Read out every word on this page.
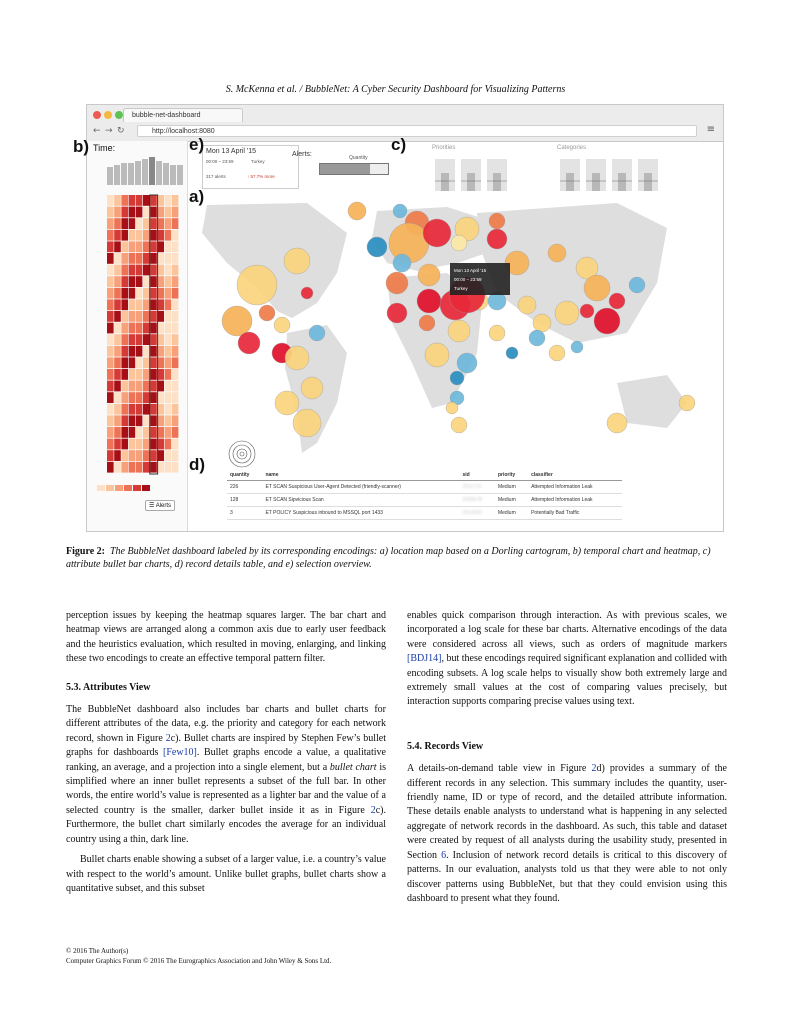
S. McKenna et al. / BubbleNet: A Cyber Security Dashboard for Visualizing Patterns
bubble-net-dashboard
← → ↻	http://localhost:8080	≡
Time:
☰ Alerts
Mon 13 April '15
00:00 – 23:59	Turkey
317 alerts	↑ 57.7% more
Alerts:	Quantity
Priorities	Categories
Mon 13 April '15
00:00 – 23:59
Turkey
quantity	name	sid	priority	classifier
226	ET SCAN Suspicious User-Agent Detected (friendly-scanner)	2011716	Medium	Attempted Information Leak
128	ET SCAN Sipvicious Scan	2008578	Medium	Attempted Information Leak
3	ET POLICY Suspicious inbound to MSSQL port 1433	2010935	Medium	Potentially Bad Traffic
b)	e)	c)
a)
d)
Figure 2: The BubbleNet dashboard labeled by its corresponding encodings: a) location map based on a Dorling cartogram, b) temporal chart and heatmap, c) attribute bullet bar charts, d) record details table, and e) selection overview.

perception issues by keeping the heatmap squares larger. The bar chart and heatmap views are arranged along a common axis due to early user feedback and the heuristics evaluation, which resulted in moving, enlarging, and linking these two encodings to create an effective temporal pattern filter.

5.3. Attributes View

The BubbleNet dashboard also includes bar charts and bullet charts for different attributes of the data, e.g. the priority and category for each network record, shown in Figure 2c). Bullet charts are inspired by Stephen Few’s bullet graphs for dashboards [Few10]. Bullet graphs encode a value, a qualitative ranking, an average, and a projection into a single element, but a bullet chart is simplified where an inner bullet represents a subset of the full bar. In other words, the entire world’s value is represented as a lighter bar and the value of a selected country is the smaller, darker bullet inside it as in Figure 2c). Furthermore, the bullet chart similarly encodes the average for an individual country using a thin, dark line.

Bullet charts enable showing a subset of a larger value, i.e. a country’s value with respect to the world’s amount. Unlike bullet graphs, bullet charts show a quantitative subset, and this subset

enables quick comparison through interaction. As with previous scales, we incorporated a log scale for these bar charts. Alternative encodings of the data were considered across all views, such as orders of magnitude markers [BDJ14], but these encodings required significant explanation and collided with encoding subsets. A log scale helps to visually show both extremely large and extremely small values at the cost of comparing values precisely, but interaction supports comparing precise values using text.

5.4. Records View

A details-on-demand table view in Figure 2d) provides a summary of the different records in any selection. This summary includes the quantity, user-friendly name, ID or type of record, and the detailed attribute information. These details enable analysts to understand what is happening in any selected aggregate of network records in the dashboard. As such, this table and dataset were created by request of all analysts during the usability study, presented in Section 6. Inclusion of network record details is critical to this discovery of patterns. In our evaluation, analysts told us that they were able to not only discover patterns using BubbleNet, but that they could envision using this dashboard to present what they found.

© 2016 The Author(s)
Computer Graphics Forum © 2016 The Eurographics Association and John Wiley & Sons Ltd.
